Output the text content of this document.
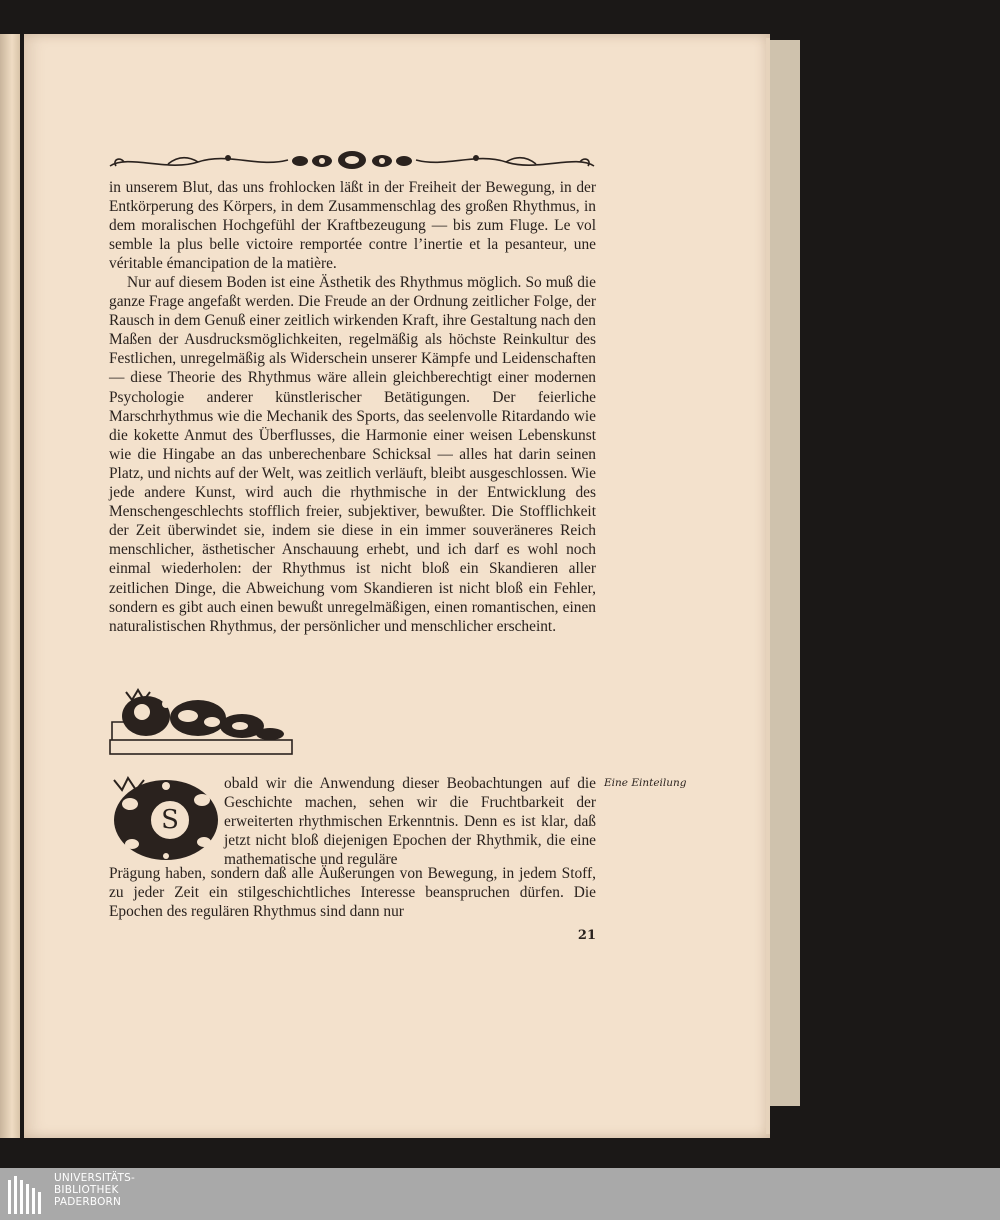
in unserem Blut, das uns frohlocken läßt in der Freiheit der Bewegung, in der Entkörperung des Körpers, in dem Zusammenschlag des großen Rhythmus, in dem moralischen Hochgefühl der Kraftbezeugung — bis zum Fluge. Le vol semble la plus belle victoire remportée contre l’inertie et la pesanteur, une véritable émancipation de la matière.

Nur auf diesem Boden ist eine Ästhetik des Rhythmus möglich. So muß die ganze Frage angefaßt werden. Die Freude an der Ordnung zeitlicher Folge, der Rausch in dem Genuß einer zeitlich wirkenden Kraft, ihre Gestaltung nach den Maßen der Ausdrucksmöglichkeiten, regelmäßig als höchste Reinkultur des Festlichen, unregelmäßig als Widerschein unserer Kämpfe und Leidenschaften — diese Theorie des Rhythmus wäre allein gleichberechtigt einer modernen Psychologie anderer künstlerischer Betätigungen. Der feierliche Marschrhythmus wie die Mechanik des Sports, das seelenvolle Ritardando wie die kokette Anmut des Überflusses, die Harmonie einer weisen Lebenskunst wie die Hingabe an das unberechenbare Schicksal — alles hat darin seinen Platz, und nichts auf der Welt, was zeitlich verläuft, bleibt ausgeschlossen. Wie jede andere Kunst, wird auch die rhythmische in der Entwicklung des Menschengeschlechts stofflich freier, subjektiver, bewußter. Die Stofflichkeit der Zeit überwindet sie, indem sie diese in ein immer souveräneres Reich menschlicher, ästhetischer Anschauung erhebt, und ich darf es wohl noch einmal wiederholen: der Rhythmus ist nicht bloß ein Skandieren aller zeitlichen Dinge, die Abweichung vom Skandieren ist nicht bloß ein Fehler, sondern es gibt auch einen bewußt unregelmäßigen, einen romantischen, einen naturalistischen Rhythmus, der persönlicher und menschlicher erscheint.

S

obald wir die Anwendung dieser Beobachtungen auf die Geschichte machen, sehen wir die Fruchtbarkeit der erweiterten rhythmischen Erkenntnis. Denn es ist klar, daß jetzt nicht bloß diejenigen Epochen der Rhythmik, die eine mathematische und reguläre

Prägung haben, sondern daß alle Äußerungen von Bewegung, in jedem Stoff, zu jeder Zeit ein stilgeschichtliches Interesse beanspruchen dürfen. Die Epochen des regulären Rhythmus sind dann nur

Eine Einteilung
21
UNIVERSITÄTS-
BIBLIOTHEK
PADERBORN
